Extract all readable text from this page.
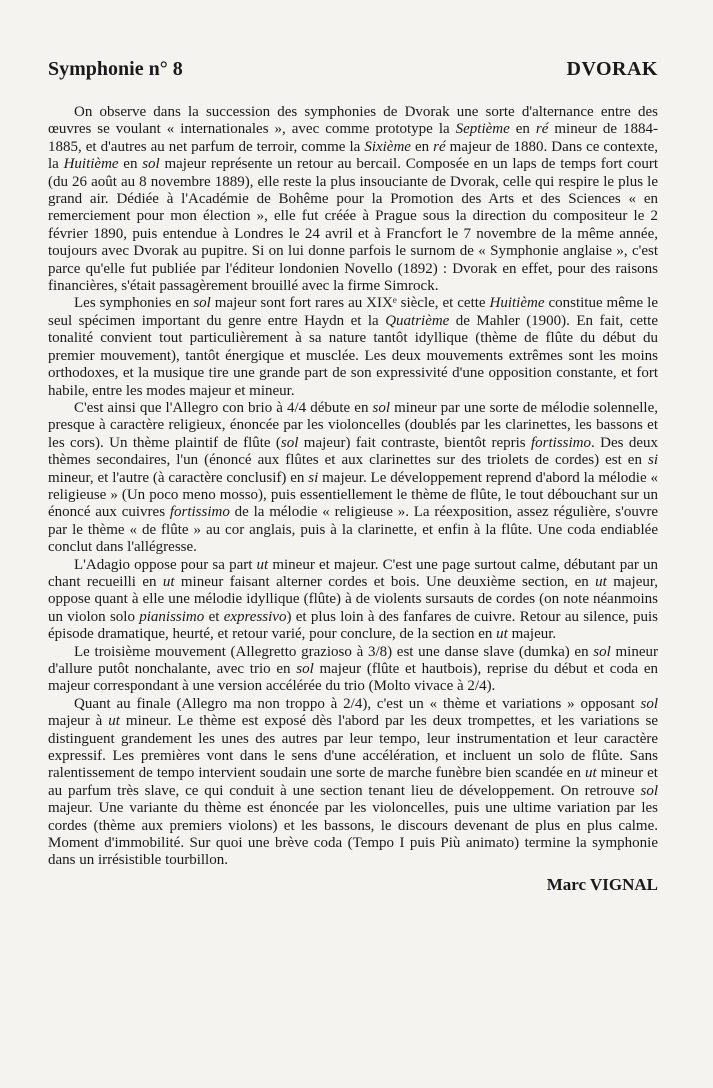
Symphonie n° 8	DVORAK

On observe dans la succession des symphonies de Dvorak une sorte d'alternance entre des œuvres se voulant « internationales », avec comme prototype la Septième en ré mineur de 1884-1885, et d'autres au net parfum de terroir, comme la Sixième en ré majeur de 1880. Dans ce contexte, la Huitième en sol majeur représente un retour au bercail. Composée en un laps de temps fort court (du 26 août au 8 novembre 1889), elle reste la plus insouciante de Dvorak, celle qui respire le plus le grand air. Dédiée à l'Académie de Bohême pour la Promotion des Arts et des Sciences « en remerciement pour mon élection », elle fut créée à Prague sous la direction du compositeur le 2 février 1890, puis entendue à Londres le 24 avril et à Francfort le 7 novembre de la même année, toujours avec Dvorak au pupitre. Si on lui donne parfois le surnom de « Symphonie anglaise », c'est parce qu'elle fut publiée par l'éditeur londonien Novello (1892) : Dvorak en effet, pour des raisons financières, s'était passagèrement brouillé avec la firme Simrock.

Les symphonies en sol majeur sont fort rares au XIXᵉ siècle, et cette Huitième constitue même le seul spécimen important du genre entre Haydn et la Quatrième de Mahler (1900). En fait, cette tonalité convient tout particulièrement à sa nature tantôt idyllique (thème de flûte du début du premier mouvement), tantôt énergique et musclée. Les deux mouvements extrêmes sont les moins orthodoxes, et la musique tire une grande part de son expressivité d'une opposition constante, et fort habile, entre les modes majeur et mineur.

C'est ainsi que l'Allegro con brio à 4/4 débute en sol mineur par une sorte de mélodie solennelle, presque à caractère religieux, énoncée par les violoncelles (doublés par les clarinettes, les bassons et les cors). Un thème plaintif de flûte (sol majeur) fait contraste, bientôt repris fortissimo. Des deux thèmes secondaires, l'un (énoncé aux flûtes et aux clarinettes sur des triolets de cordes) est en si mineur, et l'autre (à caractère conclusif) en si majeur. Le développement reprend d'abord la mélodie « religieuse » (Un poco meno mosso), puis essentiellement le thème de flûte, le tout débouchant sur un énoncé aux cuivres fortissimo de la mélodie « religieuse ». La réexposition, assez régulière, s'ouvre par le thème « de flûte » au cor anglais, puis à la clarinette, et enfin à la flûte. Une coda endiablée conclut dans l'allégresse.

L'Adagio oppose pour sa part ut mineur et majeur. C'est une page surtout calme, débutant par un chant recueilli en ut mineur faisant alterner cordes et bois. Une deuxième section, en ut majeur, oppose quant à elle une mélodie idyllique (flûte) à de violents sursauts de cordes (on note néanmoins un violon solo pianissimo et expressivo) et plus loin à des fanfares de cuivre. Retour au silence, puis épisode dramatique, heurté, et retour varié, pour conclure, de la section en ut majeur.

Le troisième mouvement (Allegretto grazioso à 3/8) est une danse slave (dumka) en sol mineur d'allure putôt nonchalante, avec trio en sol majeur (flûte et hautbois), reprise du début et coda en majeur correspondant à une version accélérée du trio (Molto vivace à 2/4).

Quant au finale (Allegro ma non troppo à 2/4), c'est un « thème et variations » opposant sol majeur à ut mineur. Le thème est exposé dès l'abord par les deux trompettes, et les variations se distinguent grandement les unes des autres par leur tempo, leur instrumentation et leur caractère expressif. Les premières vont dans le sens d'une accélération, et incluent un solo de flûte. Sans ralentissement de tempo intervient soudain une sorte de marche funèbre bien scandée en ut mineur et au parfum très slave, ce qui conduit à une section tenant lieu de développement. On retrouve sol majeur. Une variante du thème est énoncée par les violoncelles, puis une ultime variation par les cordes (thème aux premiers violons) et les bassons, le discours devenant de plus en plus calme. Moment d'immobilité. Sur quoi une brève coda (Tempo I puis Più animato) termine la symphonie dans un irrésistible tourbillon.

Marc VIGNAL
